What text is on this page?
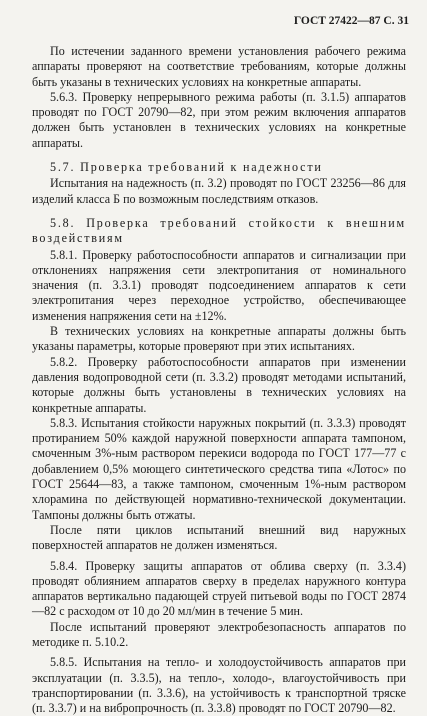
ГОСТ 27422—87 С. 31

По истечении заданного времени установления рабочего режима аппараты проверяют на соответствие требованиям, которые должны быть указаны в технических условиях на конкретные аппараты.

5.6.3. Проверку непрерывного режима работы (п. 3.1.5) аппаратов проводят по ГОСТ 20790—82, при этом режим включения аппаратов должен быть установлен в технических условиях на конкретные аппараты.

5.7. Проверка требований к надежности

Испытания на надежность (п. 3.2) проводят по ГОСТ 23256—86 для изделий класса Б по возможным последствиям отказов.

5.8. Проверка требований стойкости к внешним воздействиям

5.8.1. Проверку работоспособности аппаратов и сигнализации при отклонениях напряжения сети электропитания от номинального значения (п. 3.3.1) проводят подсоединением аппаратов к сети электропитания через переходное устройство, обеспечивающее изменения напряжения сети на ±12%.

В технических условиях на конкретные аппараты должны быть указаны параметры, которые проверяют при этих испытаниях.

5.8.2. Проверку работоспособности аппаратов при изменении давления водопроводной сети (п. 3.3.2) проводят методами испытаний, которые должны быть установлены в технических условиях на конкретные аппараты.

5.8.3. Испытания стойкости наружных покрытий (п. 3.3.3) проводят протиранием 50% каждой наружной поверхности аппарата тампоном, смоченным 3%-ным раствором перекиси водорода по ГОСТ 177—77 с добавлением 0,5% моющего синтетического средства типа «Лотос» по ГОСТ 25644—83, а также тампоном, смоченным 1%-ным раствором хлорамина по действующей нормативно-технической документации. Тампоны должны быть отжаты.

После пяти циклов испытаний внешний вид наружных поверхностей аппаратов не должен изменяться.

5.8.4. Проверку защиты аппаратов от облива сверху (п. 3.3.4) проводят облиянием аппаратов сверху в пределах наружного контура аппаратов вертикально падающей струей питьевой воды по ГОСТ 2874—82 с расходом от 10 до 20 мл/мин в течение 5 мин.

После испытаний проверяют электробезопасность аппаратов по методике п. 5.10.2.

5.8.5. Испытания на тепло- и холодоустойчивость аппаратов при эксплуатации (п. 3.3.5), на тепло-, холодо-, влагоустойчивость при транспортировании (п. 3.3.6), на устойчивость к транспортной тряске (п. 3.3.7) и на вибропрочность (п. 3.3.8) проводят по ГОСТ 20790—82.
